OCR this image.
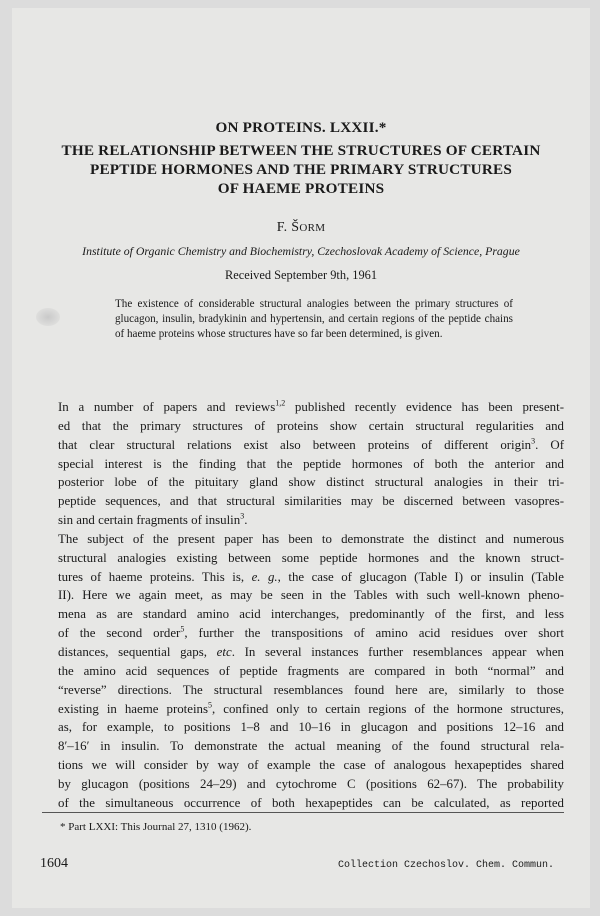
ON PROTEINS. LXXII.*
THE RELATIONSHIP BETWEEN THE STRUCTURES OF CERTAIN
PEPTIDE HORMONES AND THE PRIMARY STRUCTURES
OF HAEME PROTEINS
F. ŠORM
Institute of Organic Chemistry and Biochemistry, Czechoslovak Academy of Science, Prague
Received September 9th, 1961

The existence of considerable structural analogies between the primary structures of glucagon, insulin, bradykinin and hypertensin, and certain regions of the peptide chains of haeme proteins whose structures have so far been determined, is given.

In a number of papers and reviews$^{1,2}$ published recently evidence has been present-
ed that the primary structures of proteins show certain structural regularities and
that clear structural relations exist also between proteins of different origin$^3$. Of
special interest is the finding that the peptide hormones of both the anterior and
posterior lobe of the pituitary gland show distinct structural analogies in their tri-
peptide sequences, and that structural similarities may be discerned between vasopres-
sin and certain fragments of insulin$^3$.

The subject of the present paper has been to demonstrate the distinct and numerous
structural analogies existing between some peptide hormones and the known struct-
tures of haeme proteins. This is, e. g., the case of glucagon (Table I) or insulin (Table
II). Here we again meet, as may be seen in the Tables with such well-known pheno-
mena as are standard amino acid interchanges, predominantly of the first, and less
of the second order$^5$, further the transpositions of amino acid residues over short
distances, sequential gaps, etc. In several instances further resemblances appear when
the amino acid sequences of peptide fragments are compared in both “normal” and
“reverse” directions. The structural resemblances found here are, similarly to those
existing in haeme proteins$^5$, confined only to certain regions of the hormone structures,
as, for example, to positions 1–8 and 10–16 in glucagon and positions 12–16 and
8′–16′ in insulin. To demonstrate the actual meaning of the found structural rela-
tions we will consider by way of example the case of analogous hexapeptides shared
by glucagon (positions 24–29) and cytochrome C (positions 62–67). The probability
of the simultaneous occurrence of both hexapeptides can be calculated, as reported

* Part LXXI: This Journal 27, 1310 (1962).
1604	Collection Czechoslov. Chem. Commun.
